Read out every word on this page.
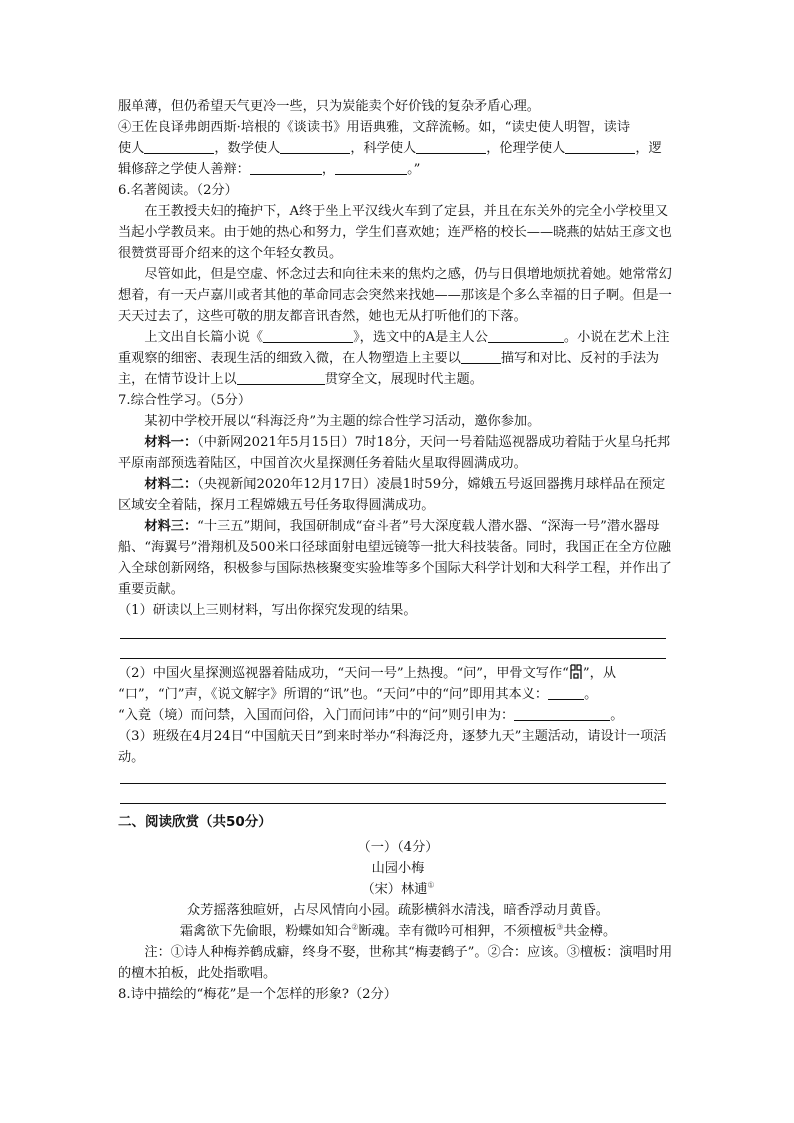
服单薄，但仍希望天气更冷一些，只为炭能卖个好价钱的复杂矛盾心理。

④王佐良译弗朗西斯·培根的《谈读书》用语典雅，文辞流畅。如，“读史使人明智，读诗
使人	，数学使人	，科学使人	，伦理学使人	，逻
辑修辞之学使人善辩：	，	。”

6.名著阅读。（2分）

在王教授夫妇的掩护下，A终于坐上平汉线火车到了定县，并且在东关外的完全小学校里又当起小学教员来。由于她的热心和努力，学生们喜欢她；连严格的校长——晓燕的姑姑王彦文也很赞赏哥哥介绍来的这个年轻女教员。

尽管如此，但是空虚、怀念过去和向往未来的焦灼之感，仍与日俱增地烦扰着她。她常常幻想着，有一天卢嘉川或者其他的革命同志会突然来找她——那该是个多么幸福的日子啊。但是一天天过去了，这些可敬的朋友都音讯杳然，她也无从打听他们的下落。

上文出自长篇小说《	》，选文中的A是主人公	。小说在艺术上注重观察的细密、表现生活的细致入微，在人物塑造上主要以	描写和对比、反衬的手法为主，在情节设计上以	贯穿全文，展现时代主题。

7.综合性学习。（5分）

某初中学校开展以“科海泛舟”为主题的综合性学习活动，邀你参加。

材料一：（中新网2021年5月15日）7时18分，天问一号着陆巡视器成功着陆于火星乌托邦平原南部预选着陆区，中国首次火星探测任务着陆火星取得圆满成功。

材料二：（央视新闻2020年12月17日）凌晨1时59分，嫦娥五号返回器携月球样品在预定区域安全着陆，探月工程嫦娥五号任务取得圆满成功。

材料三：“十三五”期间，我国研制成“奋斗者”号大深度载人潜水器、“深海一号”潜水器母船、“海翼号”滑翔机及500米口径球面射电望远镜等一批大科技装备。同时，我国正在全方位融入全球创新网络，积极参与国际热核聚变实验堆等多个国际大科学计划和大科学工程，并作出了重要贡献。

（1）研读以上三则材料，写出你探究发现的结果。

（2）中国火星探测巡视器着陆成功，“天问一号”上热搜。“问”，甲骨文写作“ ”，从
“口”，“门”声，《说文解字》所谓的“讯”也。“天问”中的“问”即用其本义：	。
“入竟（境）而问禁，入国而问俗，入门而问讳”中的“问”则引申为：	。

（3）班级在4月24日“中国航天日”到来时举办“科海泛舟，逐梦九天”主题活动，请设计一项活动。

二、阅读欣赏（共50分）

（一）（4分）

山园小梅

（宋）林逋①

众芳摇落独暄妍，占尽风情向小园。疏影横斜水清浅，暗香浮动月黄昏。

霜禽欲下先偷眼，粉蝶如知合②断魂。幸有微吟可相狎，不须檀板③共金樽。

注：①诗人种梅养鹤成癖，终身不娶，世称其“梅妻鹤子”。②合：应该。③檀板：演唱时用的檀木拍板，此处指歌唱。

8.诗中描绘的“梅花”是一个怎样的形象?（2分）
